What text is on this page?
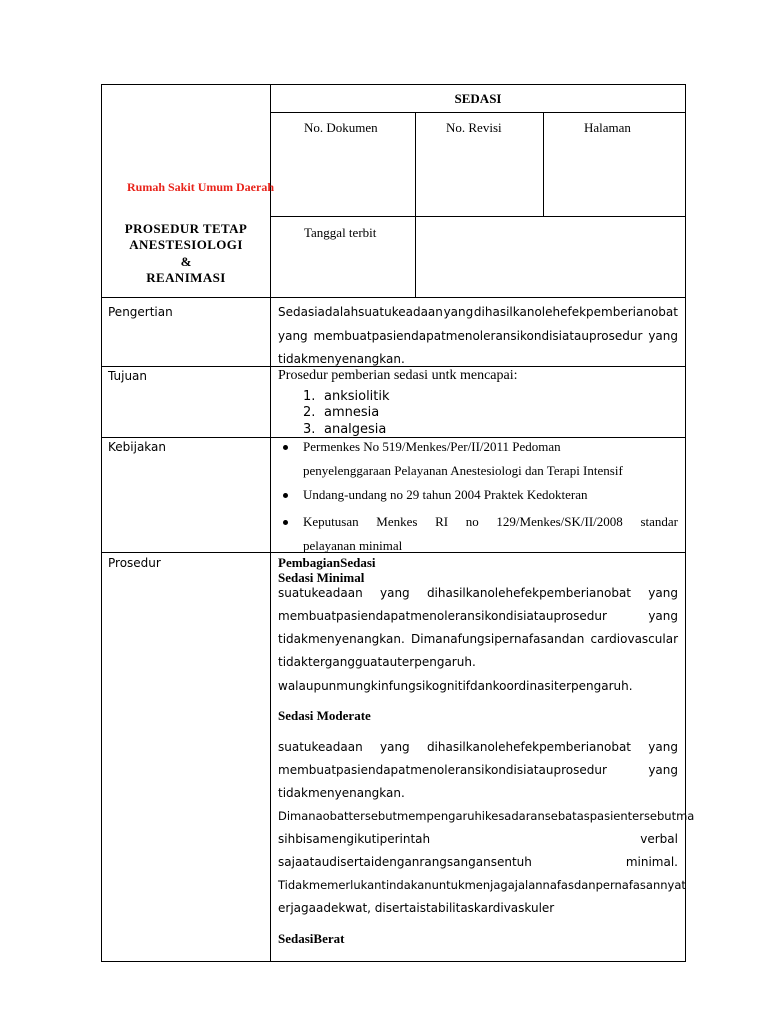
Rumah Sakit Umum Daerah
PROSEDUR TETAP
ANESTESIOLOGI
&
REANIMASI
SEDASI
No. Dokumen	No. Revisi	Halaman
Tanggal terbit
Pengertian	Sedasiadalahsuatukeadaan yang dihasilkanolehefekpemberianobat
yang membuatpasiendapatmenoleransikondisiatauprosedur yang
tidakmenyenangkan.
Tujuan	Prosedur pemberian sedasi untk mencapai:
1. anksiolitik
2. amnesia
3. analgesia
Kebijakan	Permenkes No 519/Menkes/Per/II/2011 Pedoman
penyelenggaraan Pelayanan Anestesiologi dan Terapi Intensif
Undang-undang no 29 tahun 2004 Praktek Kedokteran
Keputusan Menkes RI no 129/Menkes/SK/II/2008 standar
pelayanan minimal
Prosedur	PembagianSedasi
Sedasi Minimal
suatukeadaan yang dihasilkanolehefekpemberianobat yang
membuatpasiendapatmenoleransikondisiatauprosedur	yang
tidakmenyenangkan. Dimanafungsipernafasandan cardiovascular
tidakterganggu​atauterpengaruh.
walaupunmungkinfungsikognitifdankoordinasiterpengaruh.
Sedasi Moderate
suatukeadaan yang dihasilkanolehefekpemberianobat yang
membuatpasiendapatmenoleransikondisiatauprosedur	yang
tidakmenyenangkan.
Dimanaobattersebutmempengaruhikesadaransebataspasientersebutma
sihbisamengikutiperintah	verbal
sajaataudisertaidenganrangsangansentuh	minimal.
Tidakmemerlukantindakanuntukmenjagajalannafasdanpernafasannyat
erjagaadekwat, disertaistabilitaskardivaskuler
SedasiBerat
